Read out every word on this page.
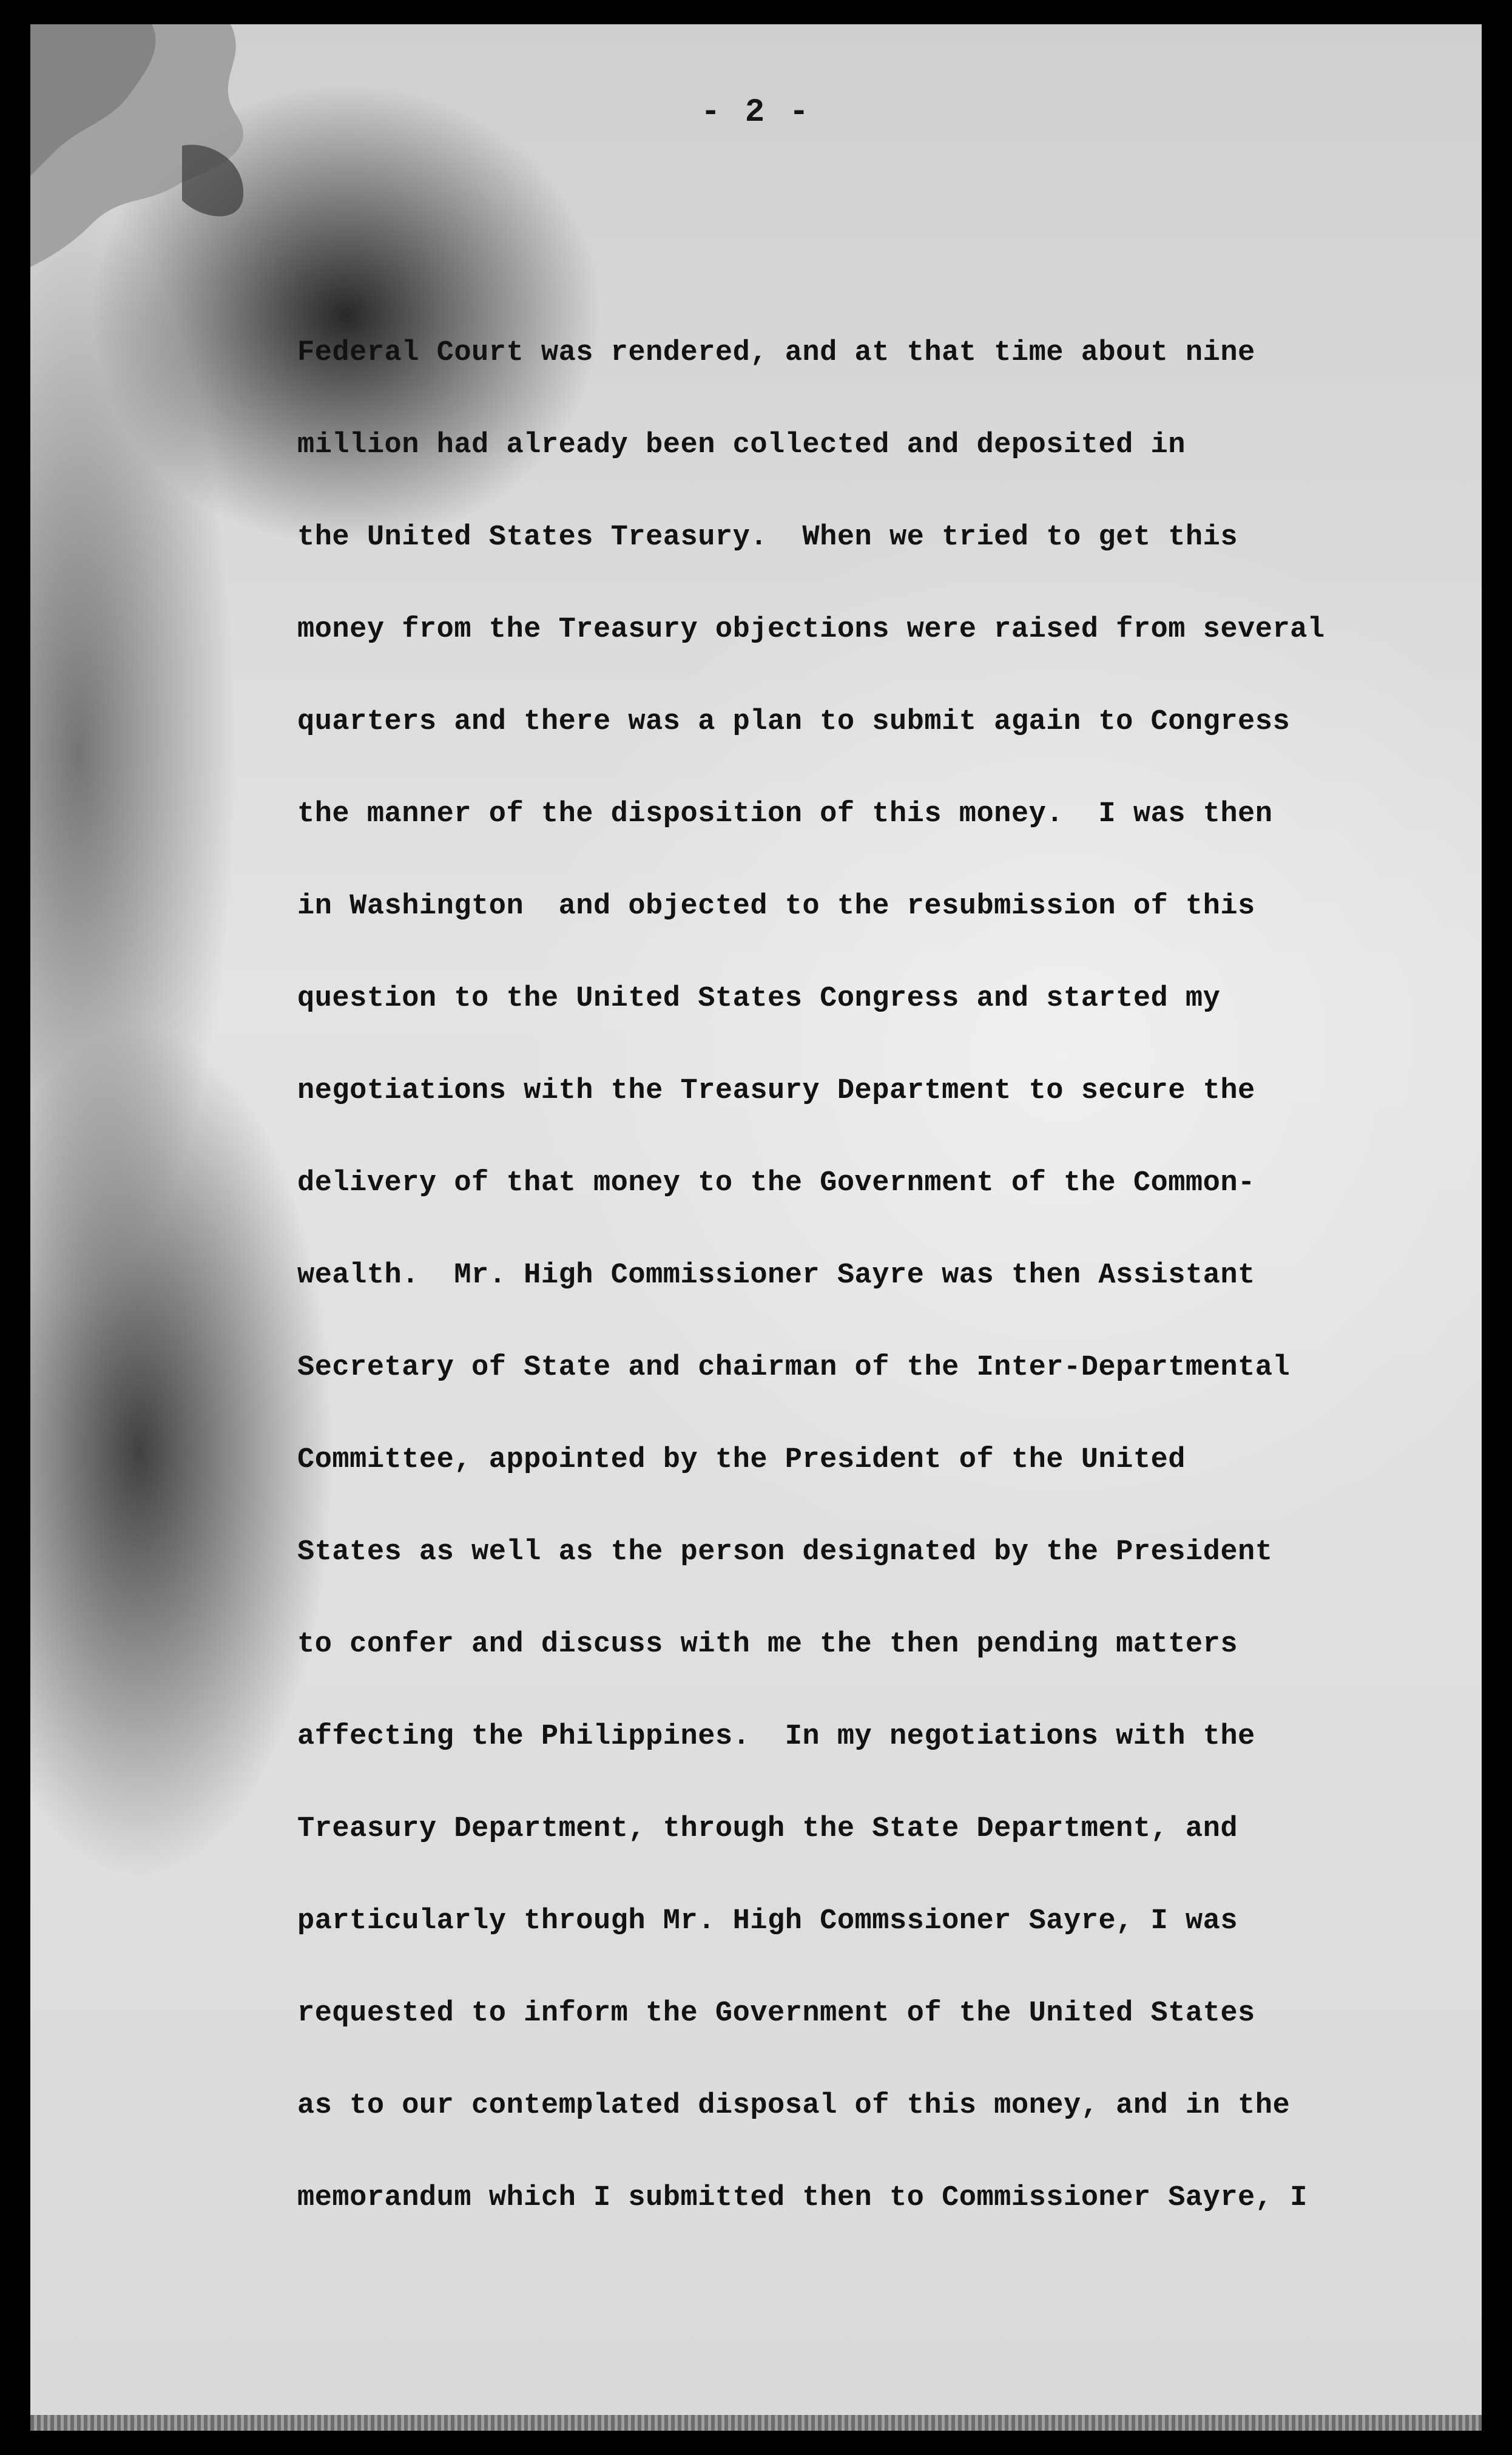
- 2 -
Federal Court was rendered, and at that time about nine
million had already been collected and deposited in
the United States Treasury.  When we tried to get this
money from the Treasury objections were raised from several
quarters and there was a plan to submit again to Congress
the manner of the disposition of this money.  I was then
in Washington  and objected to the resubmission of this
question to the United States Congress and started my
negotiations with the Treasury Department to secure the
delivery of that money to the Government of the Common-
wealth.  Mr. High Commissioner Sayre was then Assistant
Secretary of State and chairman of the Inter-Departmental
Committee, appointed by the President of the United
States as well as the person designated by the President
to confer and discuss with me the then pending matters
affecting the Philippines.  In my negotiations with the
Treasury Department, through the State Department, and
particularly through Mr. High Commssioner Sayre, I was
requested to inform the Government of the United States
as to our contemplated disposal of this money, and in the
memorandum which I submitted then to Commissioner Sayre, I
